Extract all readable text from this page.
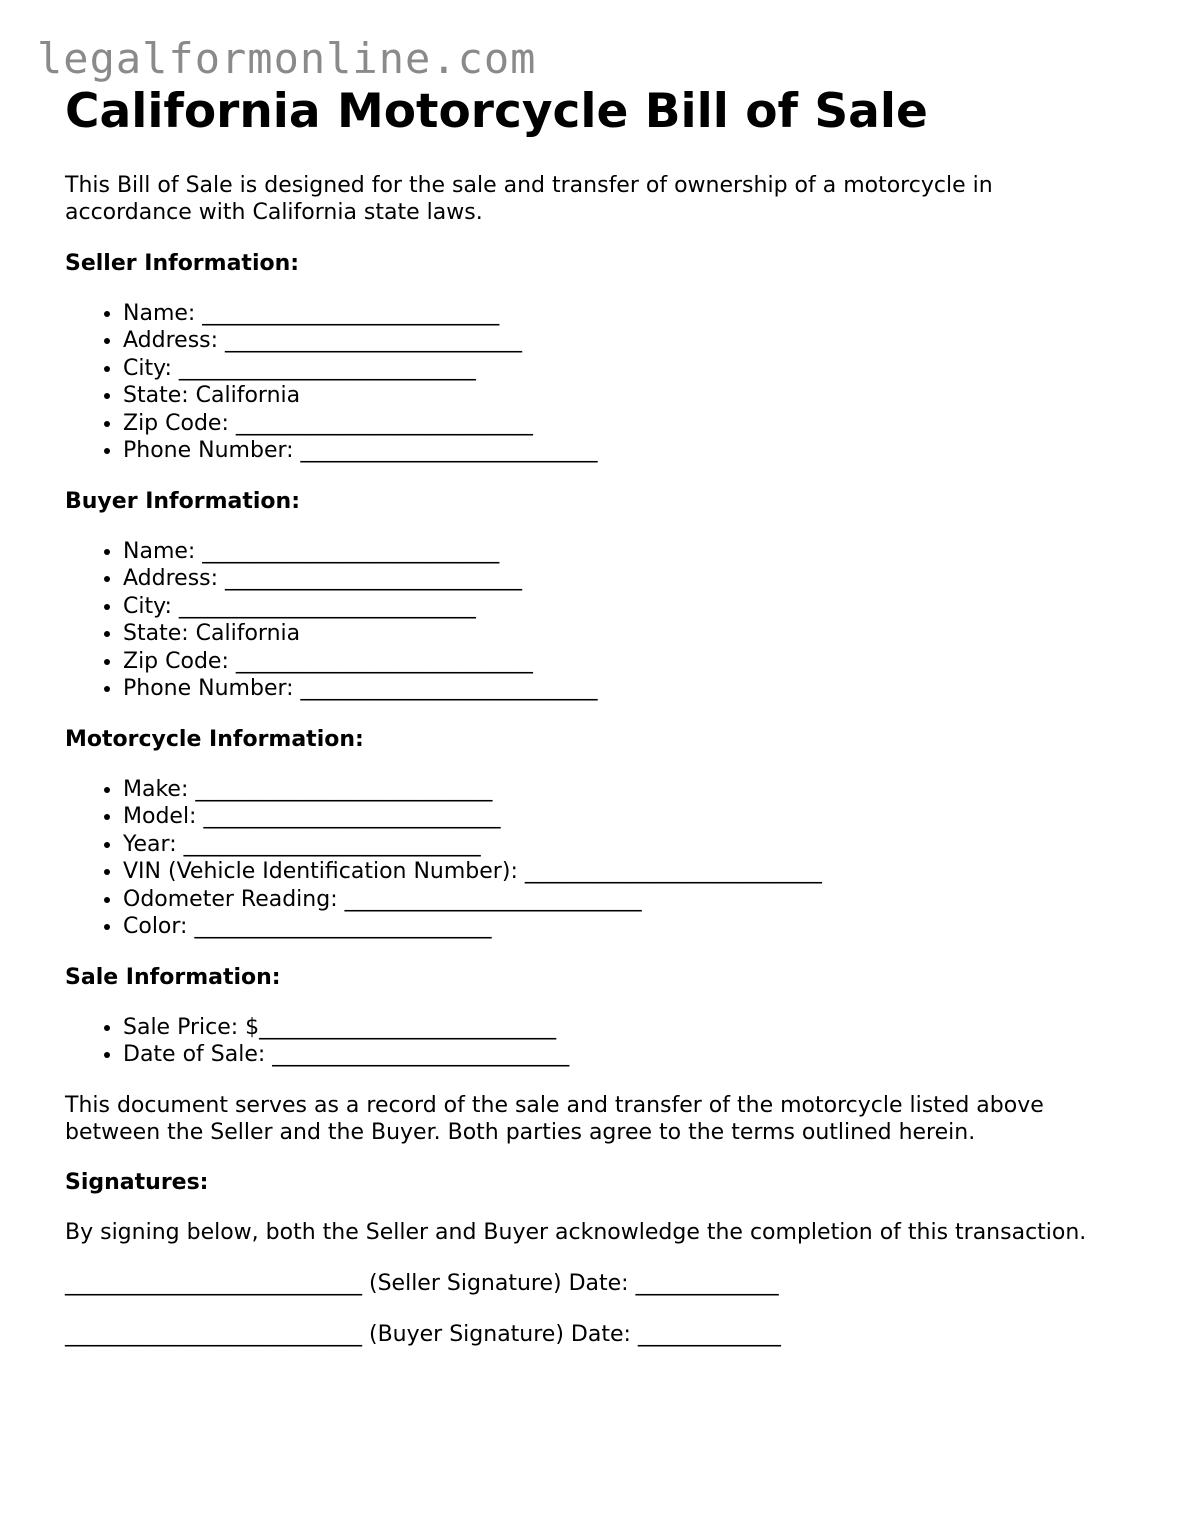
legalformonline.com
California Motorcycle Bill of Sale

This Bill of Sale is designed for the sale and transfer of ownership of a motorcycle in accordance with California state laws.

Seller Information:
• Name: ___________________________
• Address: ___________________________
• City: ___________________________
• State: California
• Zip Code: ___________________________
• Phone Number: ___________________________
Buyer Information:
• Name: ___________________________
• Address: ___________________________
• City: ___________________________
• State: California
• Zip Code: ___________________________
• Phone Number: ___________________________
Motorcycle Information:
• Make: ___________________________
• Model: ___________________________
• Year: ___________________________
• VIN (Vehicle Identification Number): ___________________________
• Odometer Reading: ___________________________
• Color: ___________________________
Sale Information:
• Sale Price: $___________________________
• Date of Sale: ___________________________

This document serves as a record of the sale and transfer of the motorcycle listed above between the Seller and the Buyer. Both parties agree to the terms outlined herein.

Signatures:

By signing below, both the Seller and Buyer acknowledge the completion of this transaction.

___________________________ (Seller Signature) Date: _____________
___________________________ (Buyer Signature) Date: _____________
